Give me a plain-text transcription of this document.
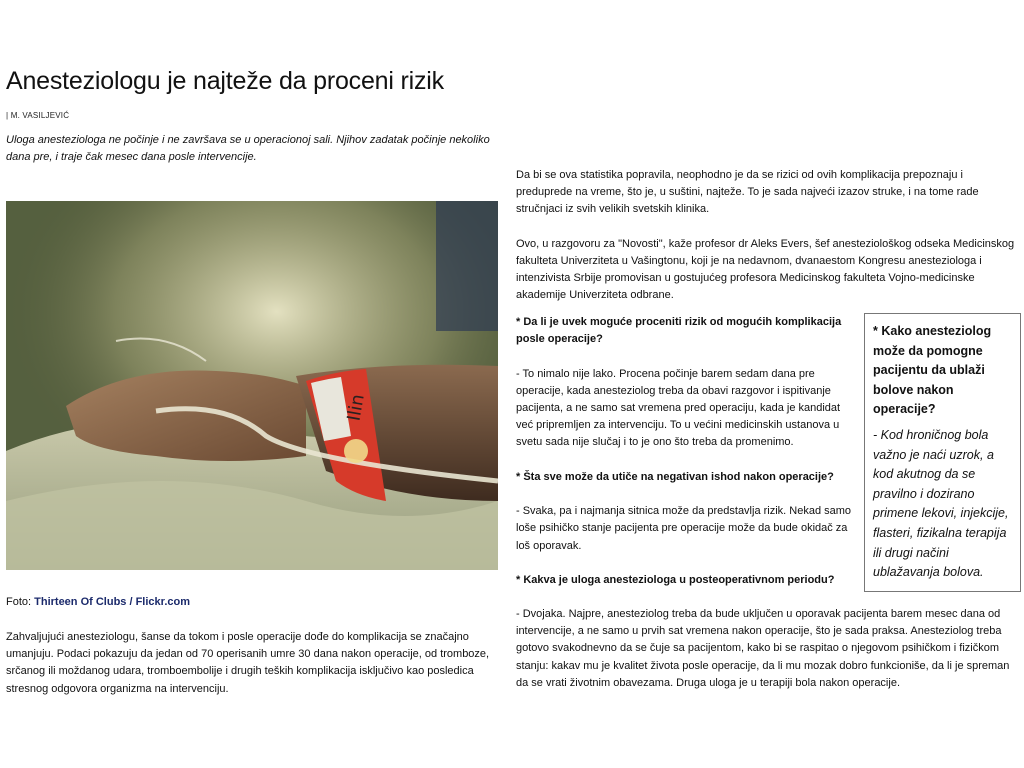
Anesteziologu je najteže da proceni rizik
| M. VASILJEVIĆ
Uloga anesteziologa ne počinje i ne završava se u operacionoj sali. Njihov zadatak počinje nekoliko dana pre, i traje čak mesec dana posle intervencije.
Ilin
Foto: Thirteen Of Clubs / Flickr.com
Zahvaljujući anesteziologu, šanse da tokom i posle operacije dođe do komplikacija se značajno umanjuju. Podaci pokazuju da jedan od 70 operisanih umre 30 dana nakon operacije, od tromboze, srčanog ili moždanog udara, tromboembolije i drugih teških komplikacija isključivo kao posledica stresnog odgovora organizma na intervenciju.

Da bi se ova statistika popravila, neophodno je da se rizici od ovih komplikacija prepoznaju i preduprede na vreme, što je, u suštini, najteže. To je sada najveći izazov struke, i na tome rade stručnjaci iz svih velikih svetskih klinika.

Ovo, u razgovoru za "Novosti", kaže profesor dr Aleks Evers, šef anesteziološkog odseka Medicinskog fakulteta Univerziteta u Vašingtonu, koji je na nedavnom, dvanaestom Kongresu anesteziologa i intenzivista Srbije promovisan u gostujućeg profesora Medicinskog fakulteta Vojno-medicinske akademije Univerziteta odbrane.

* Da li je uvek moguće proceniti rizik od mogućih komplikacija posle operacije?

- To nimalo nije lako. Procena počinje barem sedam dana pre operacije, kada anesteziolog treba da obavi razgovor i ispitivanje pacijenta, a ne samo sat vremena pred operaciju, kada je kandidat već pripremljen za intervenciju. To u većini medicinskih ustanova u svetu sada nije slučaj i to je ono što treba da promenimo.

* Šta sve može da utiče na negativan ishod nakon operacije?

- Svaka, pa i najmanja sitnica može da predstavlja rizik. Nekad samo loše psihičko stanje pacijenta pre operacije može da bude okidač za loš oporavak.

* Kakva je uloga anesteziologa u posteoperativnom periodu?

- Dvojaka. Najpre, anesteziolog treba da bude uključen u oporavak pacijenta barem mesec dana od intervencije, a ne samo u prvih sat vremena nakon operacije, što je sada praksa. Anesteziolog treba gotovo svakodnevno da se čuje sa pacijentom, kako bi se raspitao o njegovom psihičkom i fizičkom stanju: kakav mu je kvalitet života posle operacije, da li mu mozak dobro funkcioniše, da li je spreman da se vrati životnim obavezama. Druga uloga je u terapiji bola nakon operacije.
* Kako anesteziolog može da pomogne pacijentu da ublaži bolove nakon operacije?
- Kod hroničnog bola važno je naći uzrok, a kod akutnog da se pravilno i dozirano primene lekovi, injekcije, flasteri, fizikalna terapija ili drugi načini ublažavanja bolova.
